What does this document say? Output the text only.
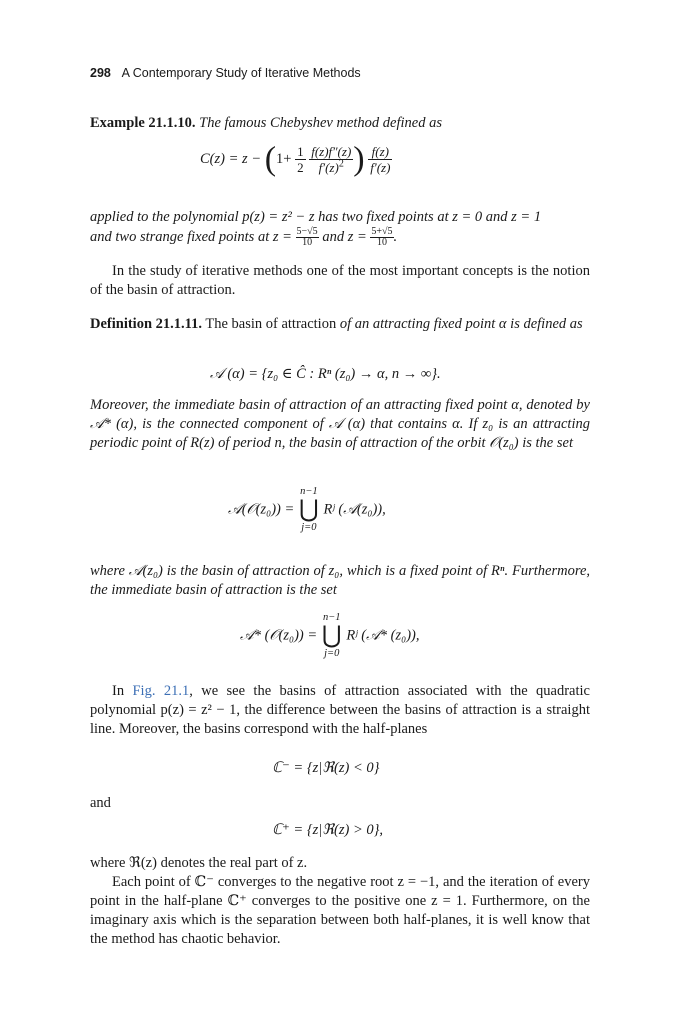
298 A Contemporary Study of Iterative Methods
Example 21.1.10. The famous Chebyshev method defined as
$C(z) = z - (1+ \frac{1}{2}$
$\frac{f(z)f''(z)}{f'(z)^2}$ ) $\frac{f(z)}{f'(z)}$
applied to the polynomial p(z) = z² − z has two fixed points at z = 0 and z = 1
and two strange fixed points at $z = \frac{5-√5}{10}$ and $z = \frac{5+√5}{10}$ .
In the study of iterative methods one of the most important concepts is the notion of the basin of attraction.
Definition 21.1.11. The basin of attraction of an attracting fixed point α is defined as
𝒜 (α) = {z₀ ∈ Ĉ : Rⁿ (z₀) → α, n → ∞}.
Moreover, the immediate basin of attraction of an attracting fixed point α, denoted by 𝒜* (α), is the connected component of 𝒜 (α) that contains α. If z₀ is an attracting periodic point of R(z) of period n, the basin of attraction of the orbit 𝒪(z₀) is the set
𝒜(𝒪(z₀)) =
n−1
⋃
j=0
Rʲ (𝒜(z₀)),
where 𝒜(z₀) is the basin of attraction of z₀, which is a fixed point of Rⁿ. Furthermore, the immediate basin of attraction is the set
𝒜* (𝒪(z₀)) =
n−1
⋃
j=0
Rʲ (𝒜* (z₀)),
In Fig. 21.1, we see the basins of attraction associated with the quadratic polynomial p(z) = z² − 1, the difference between the basins of attraction is a straight line. Moreover, the basins correspond with the half-planes
ℂ⁻ = {z|ℜ(z) < 0}
and
ℂ⁺ = {z|ℜ(z) > 0},
where ℜ(z) denotes the real part of z.
Each point of ℂ⁻ converges to the negative root z = −1, and the iteration of every point in the half-plane ℂ⁺ converges to the positive one z = 1. Furthermore, on the imaginary axis which is the separation between both half-planes, it is well know that the method has chaotic behavior.
